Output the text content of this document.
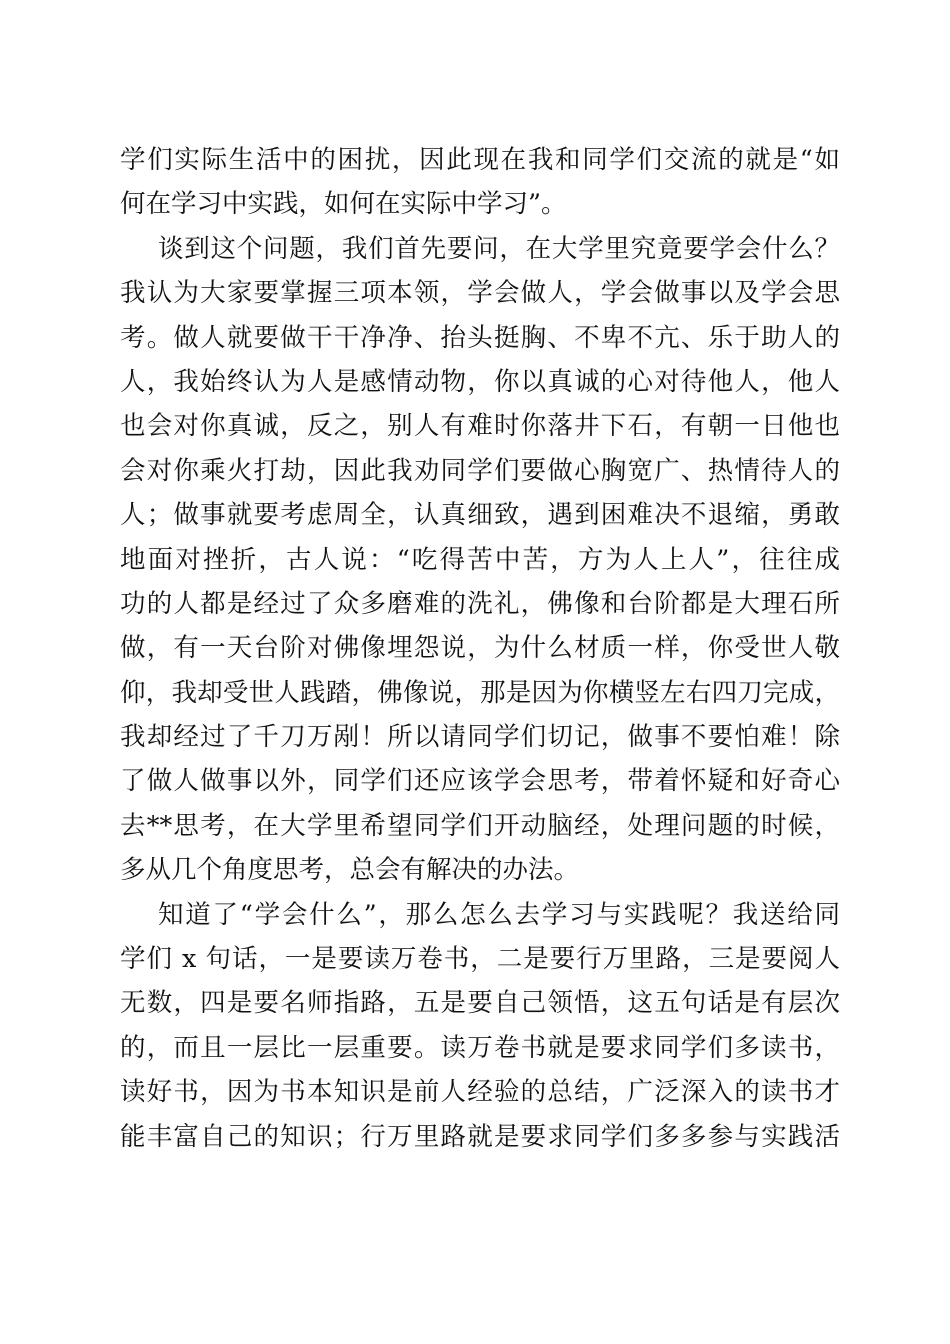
学们实际生活中的困扰，因此现在我和同学们交流的就是“如
何在学习中实践，如何在实际中学习”。
谈到这个问题，我们首先要问，在大学里究竟要学会什么？
我认为大家要掌握三项本领，学会做人，学会做事以及学会思
考。做人就要做干干净净、抬头挺胸、不卑不亢、乐于助人的
人，我始终认为人是感情动物，你以真诚的心对待他人，他人
也会对你真诚，反之，别人有难时你落井下石，有朝一日他也
会对你乘火打劫，因此我劝同学们要做心胸宽广、热情待人的
人；做事就要考虑周全，认真细致，遇到困难决不退缩，勇敢
地面对挫折，古人说：“吃得苦中苦，方为人上人”，往往成
功的人都是经过了众多磨难的洗礼，佛像和台阶都是大理石所
做，有一天台阶对佛像埋怨说，为什么材质一样，你受世人敬
仰，我却受世人践踏，佛像说，那是因为你横竖左右四刀完成，
我却经过了千刀万剐！所以请同学们切记，做事不要怕难！除
了做人做事以外，同学们还应该学会思考，带着怀疑和好奇心
去**思考，在大学里希望同学们开动脑经，处理问题的时候，
多从几个角度思考，总会有解决的办法。
知道了“学会什么”，那么怎么去学习与实践呢？我送给同
学们 x 句话，一是要读万卷书，二是要行万里路，三是要阅人
无数，四是要名师指路，五是要自己领悟，这五句话是有层次
的，而且一层比一层重要。读万卷书就是要求同学们多读书，
读好书，因为书本知识是前人经验的总结，广泛深入的读书才
能丰富自己的知识；行万里路就是要求同学们多多参与实践活
